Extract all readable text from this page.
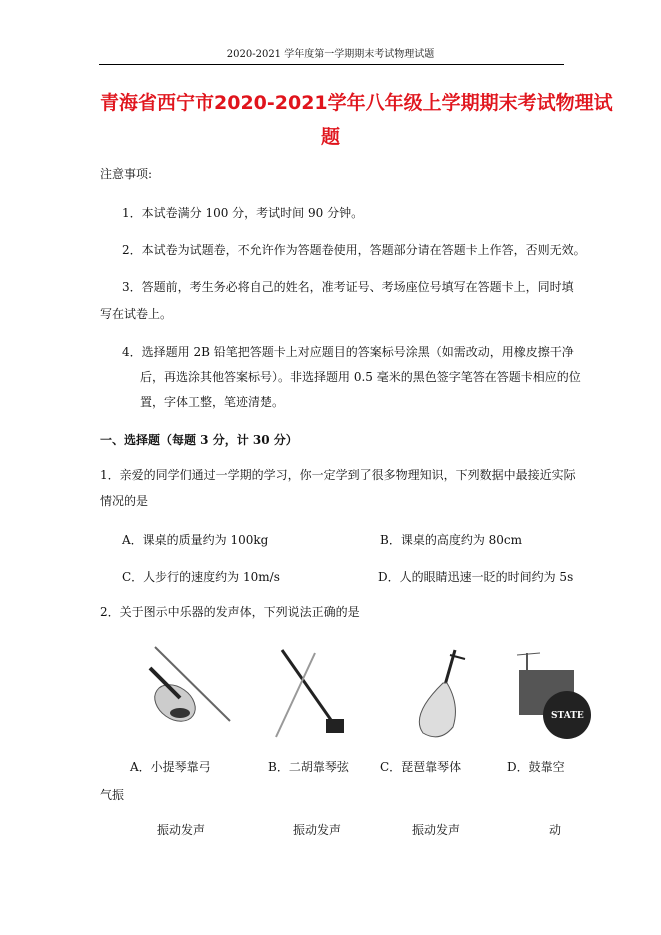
2020-2021 学年度第一学期期末考试物理试题
青海省西宁市2020-2021学年八年级上学期期末考试物理试
题
注意事项:
1．本试卷满分 100 分，考试时间 90 分钟。
2．本试卷为试题卷，不允许作为答题卷使用，答题部分请在答题卡上作答，否则无效。
3．答题前，考生务必将自己的姓名，准考证号、考场座位号填写在答题卡上，同时填
写在试卷上。
4．选择题用 2B 铅笔把答题卡上对应题目的答案标号涂黑（如需改动，用橡皮擦干净
后，再选涂其他答案标号）。非选择题用 0.5 毫米的黑色签字笔答在答题卡相应的位
置，字体工整，笔迹清楚。
一、选择题（每题 3 分，计 30 分）
1．亲爱的同学们通过一学期的学习，你一定学到了很多物理知识，下列数据中最接近实际
情况的是
A．课桌的质量约为 100kg	B．课桌的高度约为 80cm
C．人步行的速度约为 10m/s	D．人的眼睛迅速一眨的时间约为 5s
2．关于图示中乐器的发声体，下列说法正确的是
STATE
A．小提琴靠弓	B．二胡靠琴弦	C．琵琶靠琴体	D．鼓靠空
气振
振动发声	振动发声	振动发声	动
